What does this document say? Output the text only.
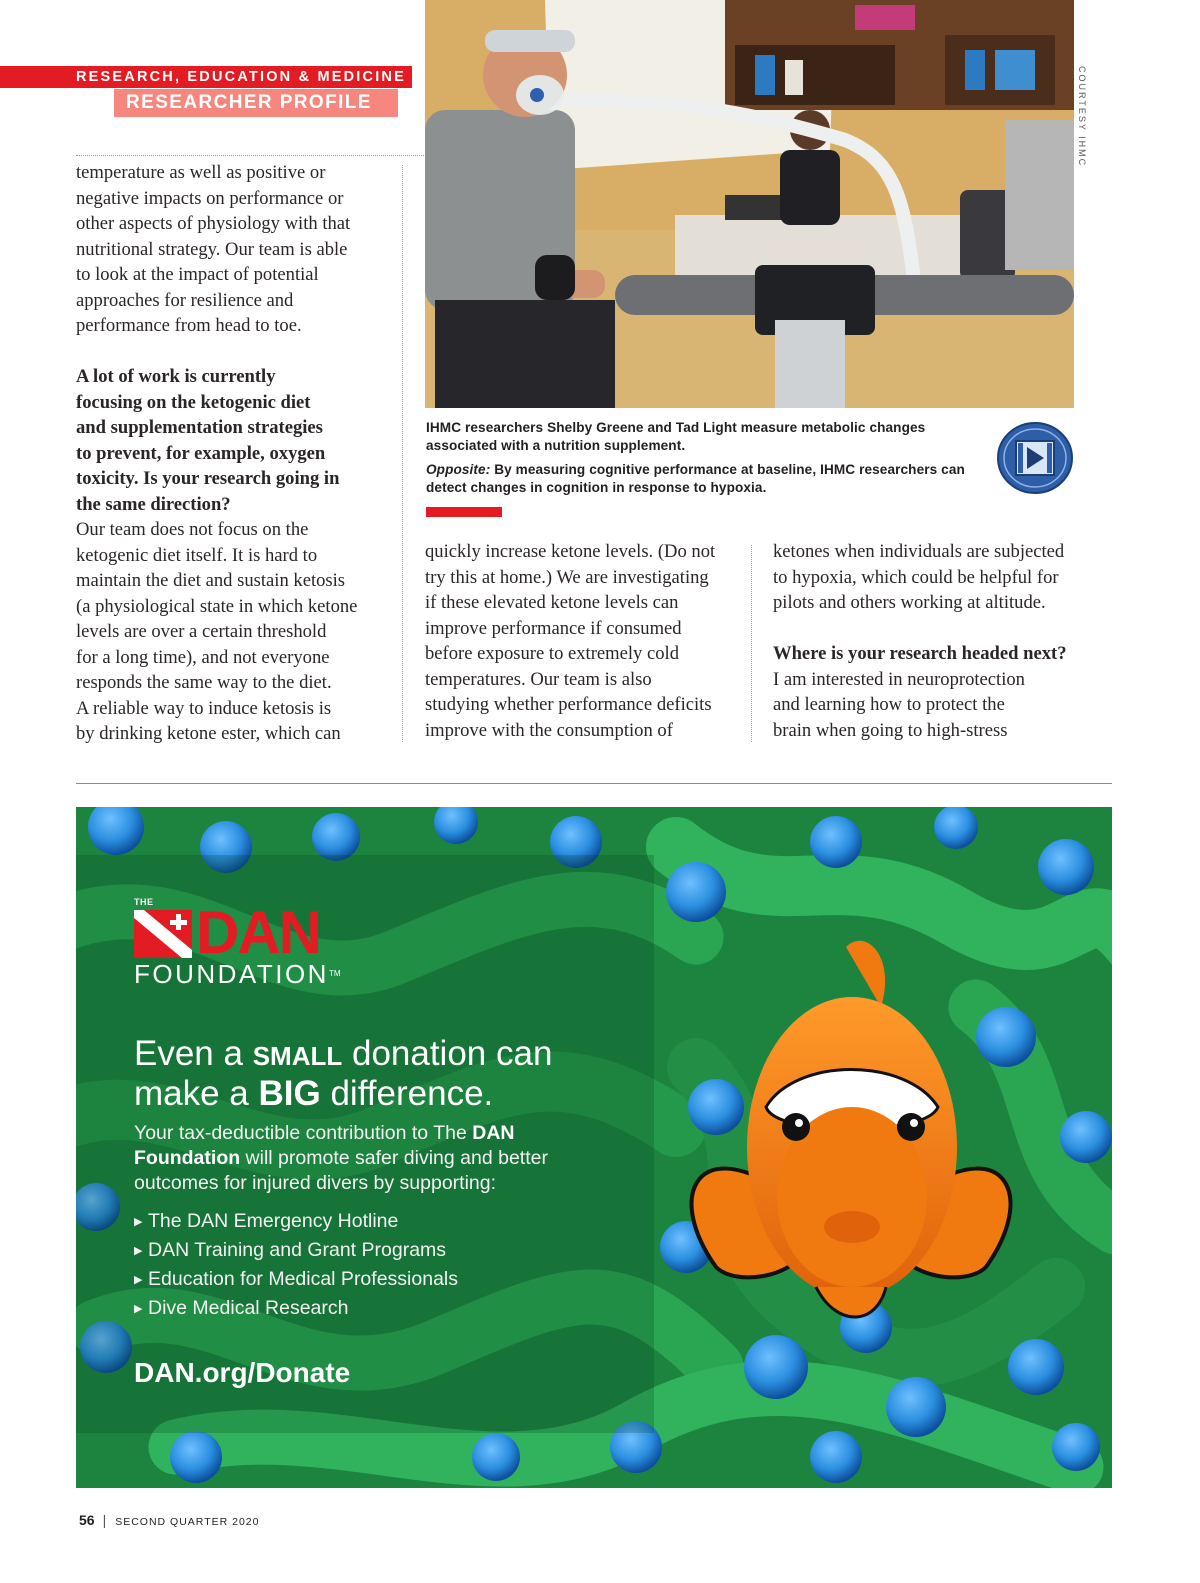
RESEARCH, EDUCATION & MEDICINE
RESEARCHER PROFILE

temperature as well as positive or

negative impacts on performance or

other aspects of physiology with that

nutritional strategy. Our team is able

to look at the impact of potential

approaches for resilience and

performance from head to toe.

A lot of work is currently

focusing on the ketogenic diet

and supplementation strategies

to prevent, for example, oxygen

toxicity. Is your research going in

the same direction?

Our team does not focus on the

ketogenic diet itself. It is hard to

maintain the diet and sustain ketosis

(a physiological state in which ketone

levels are over a certain threshold

for a long time), and not everyone

responds the same way to the diet.

A reliable way to induce ketosis is

by drinking ketone ester, which can

COURTESY IHMC
IHMC researchers Shelby Greene and Tad Light measure metabolic changes
associated with a nutrition supplement.
Opposite: By measuring cognitive performance at baseline, IHMC researchers can
detect changes in cognition in response to hypoxia.

quickly increase ketone levels. (Do not

try this at home.) We are investigating

if these elevated ketone levels can

improve performance if consumed

before exposure to extremely cold

temperatures. Our team is also

studying whether performance deficits

improve with the consumption of

ketones when individuals are subjected

to hypoxia, which could be helpful for

pilots and others working at altitude.

Where is your research headed next?

I am interested in neuroprotection

and learning how to protect the

brain when going to high-stress

THE DAN
FOUNDATION™
Even a SMALL donation can
make a BIG difference.
Your tax-deductible contribution to The DAN
Foundation will promote safer diving and better
outcomes for injured divers by supporting:
▶ The DAN Emergency Hotline
▶ DAN Training and Grant Programs
▶ Education for Medical Professionals
▶ Dive Medical Research
DAN.org/Donate
56 | SECOND QUARTER 2020
